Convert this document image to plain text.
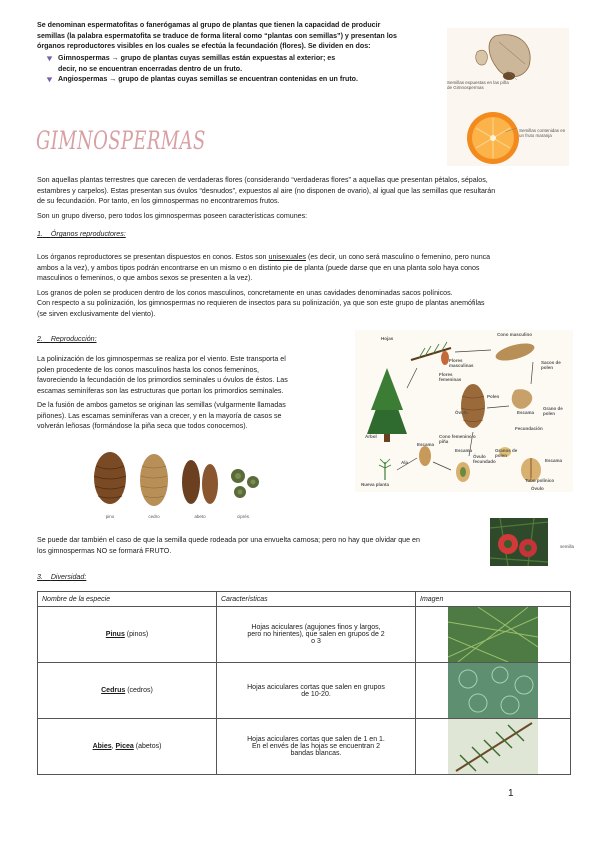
Se denominan espermatofitas o fanerógamas al grupo de plantas que tienen la capacidad de producir
semillas (la palabra espermatofita se traduce de forma literal como “plantas con semillas”) y presentan los
órganos reproductores visibles en los cuales se efectúa la fecundación (flores). Se dividen en dos:
Gimnospermas → grupo de plantas cuyas semillas están expuestas al exterior; es
decir, no se encuentran encerradas dentro de un fruto.
Angiospermas → grupo de plantas cuyas semillas se encuentran contenidas en un fruto.	Semillas expuestas en las piña de Gimnospermas
Semillas contenidas en un fruto maranja
GIMNOSPERMAS
Son aquellas plantas terrestres que carecen de verdaderas flores (considerando “verdaderas flores” a aquellas que presentan pétalos, sépalos,
estambres y carpelos). Estas presentan sus óvulos “desnudos”, expuestos al aire (no disponen de ovario), al igual que las semillas que resultarán
de su fecundación. Por tanto, en los gimnospermas no encontraremos frutos.
Son un grupo diverso, pero todos los gimnospermas poseen características comunes:
1. Órganos reproductores:
Los órganos reproductores se presentan dispuestos en conos. Estos son unisexuales (es decir, un cono será masculino o femenino, pero nunca
ambos a la vez), y ambos tipos podrán encontrarse en un mismo o en distinto pie de planta (puede darse que en una planta solo haya conos
masculinos o femeninos, o que ambos sexos se presenten a la vez).
Los granos de polen se producen dentro de los conos masculinos, concretamente en unas cavidades denominadas sacos polínicos.
Con respecto a su polinización, los gimnospermas no requieren de insectos para su polinización, ya que son este grupo de plantas anemófilas
(se sirven exclusivamente del viento).
2. Reproducción:
La polinización de los gimnospermas se realiza por el viento. Este transporta el
polen procedente de los conos masculinos hasta los conos femeninos,
favoreciendo la fecundación de los primordios seminales u óvulos de éstos. Las
escamas seminíferas son las estructuras que portan los primordios seminales.
De la fusión de ambos gametos se originan las semillas (vulgarmente llamadas
piñones). Las escamas seminíferas van a crecer, y en la mayoría de casos se
volverán leñosas (formándose la piña seca que todos conocemos).
pino	cedro	abeto	ciprés
Hojas
Cono masculino
Flores masculinas
Flores femeninas
Sacos de polen
Polen
Óvulo	Escama
Grano de polen
Fecundación
Árbol	Cono femenino o piña
Escama
Ala
Escama
Óvulo fecundado
Granos de polen
Escama
Tubo polínico
Óvulo
Nueva planta
Se puede dar también el caso de que la semilla quede rodeada por una envuelta carnosa; pero no hay que olvidar que en
los gimnospermas NO se formará FRUTO.	semilla
3. Diversidad:
Nombre de la especie	Características	Imagen
Pinus (pinos)	Hojas aciculares (agujones finos y largos,
pero no hirientes), que salen en grupos de 2
o 3

Cedrus (cedros)	Hojas aciculares cortas que salen en grupos
de 10-20.

Abies, Picea (abetos)	Hojas aciculares cortas que salen de 1 en 1.
En el envés de las hojas se encuentran 2
bandas blancas.

1
